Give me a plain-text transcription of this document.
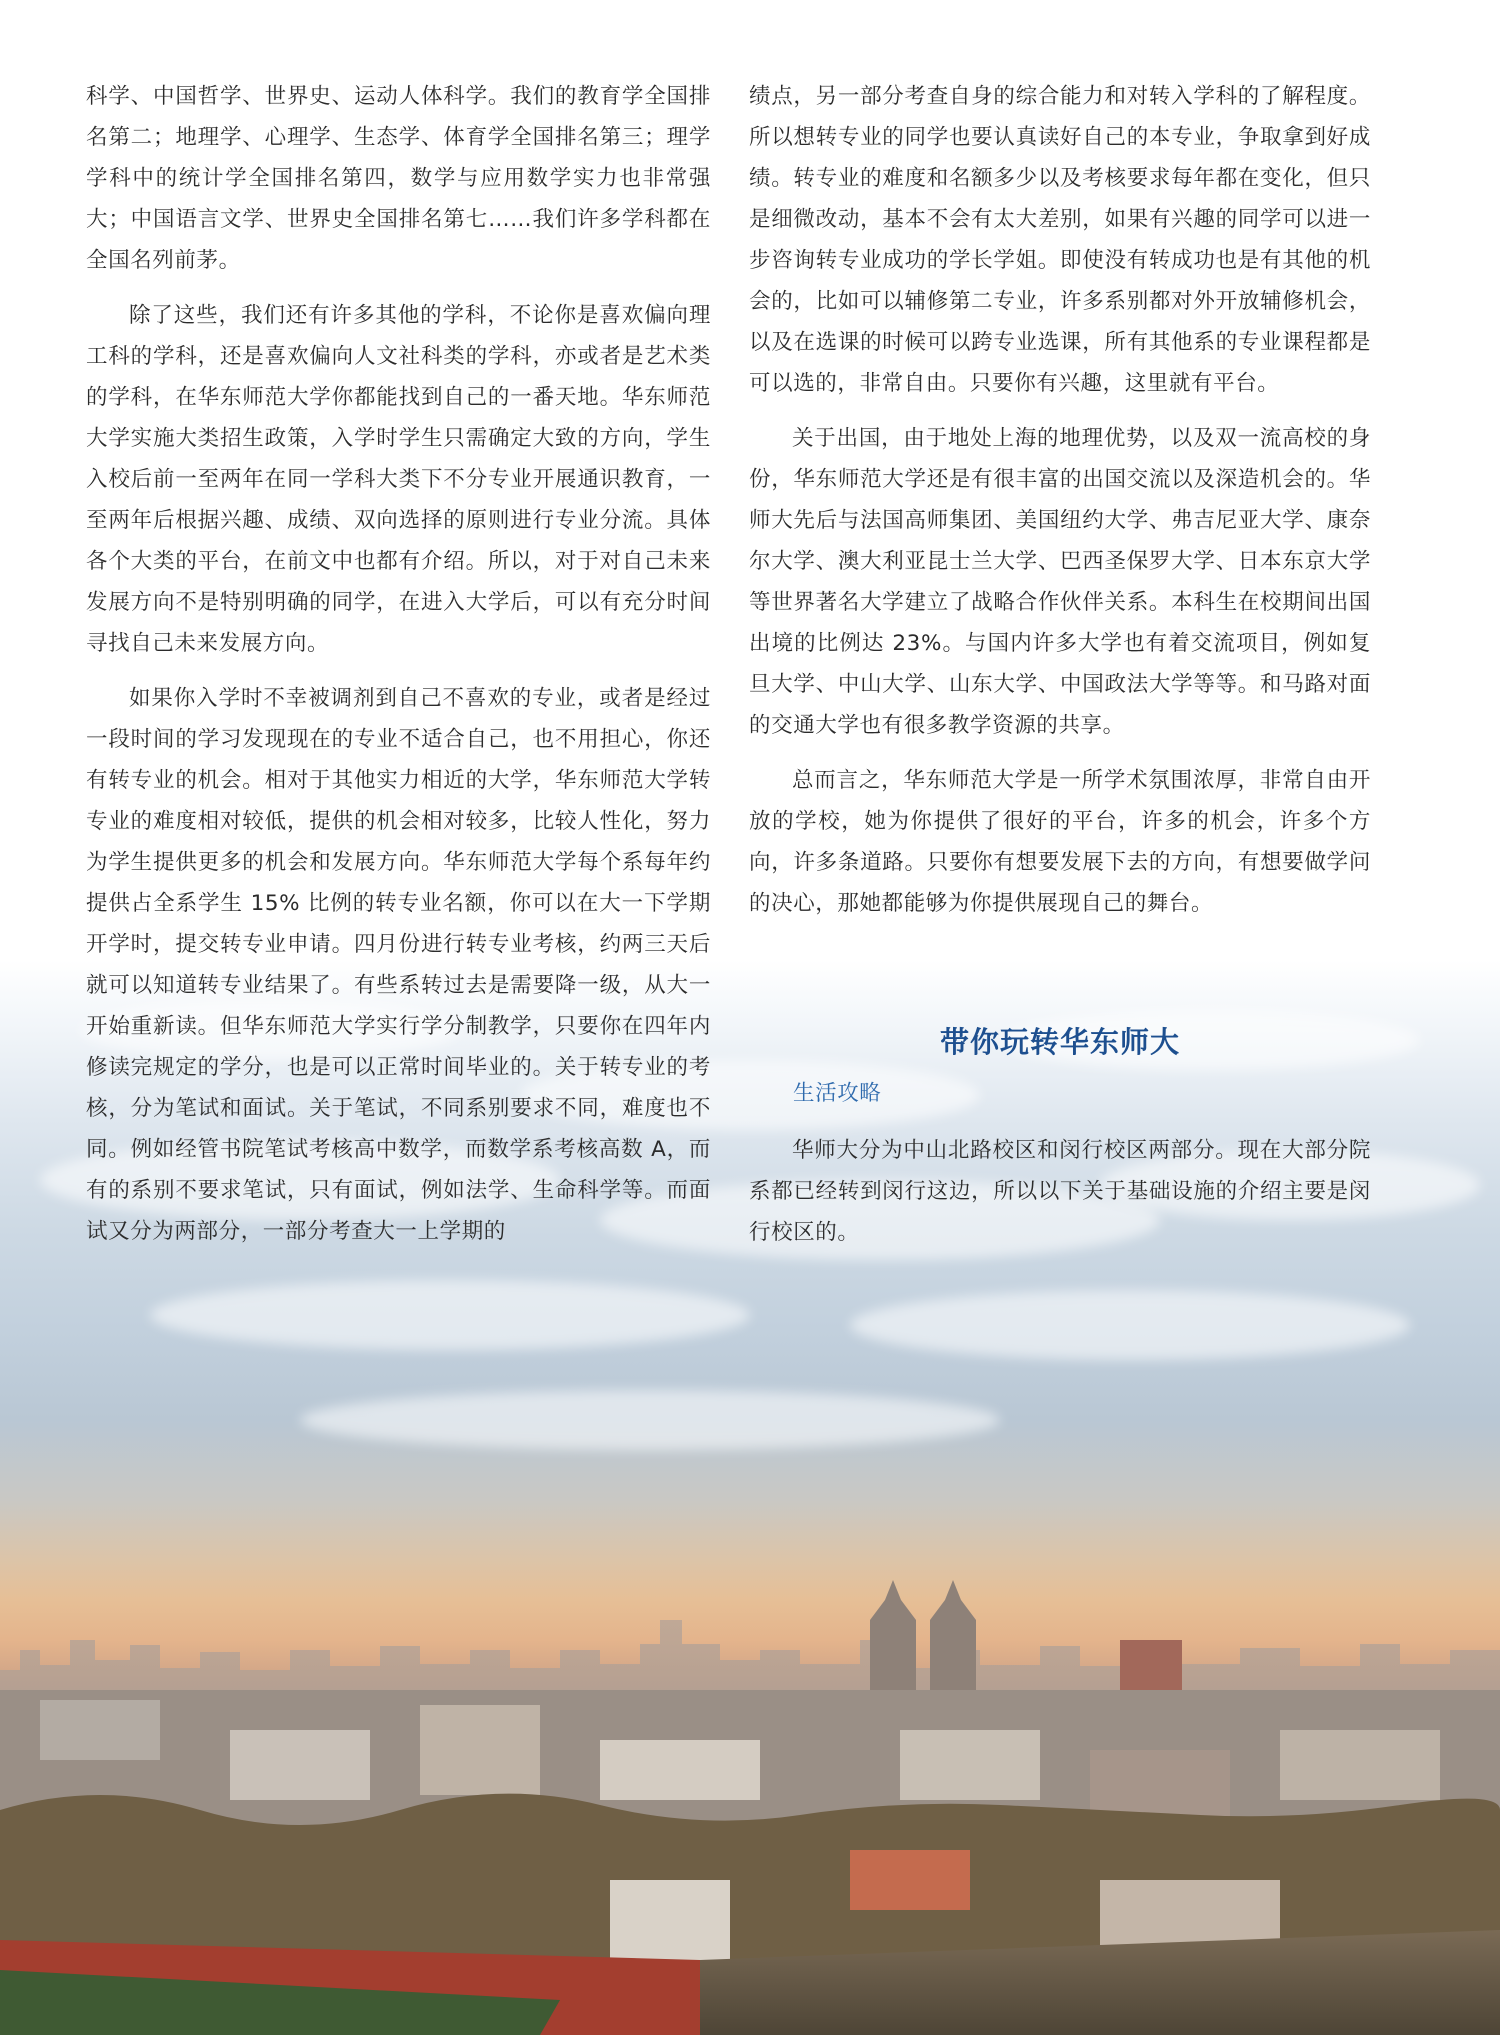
科学、中国哲学、世界史、运动人体科学。我们的教育学全国排名第二；地理学、心理学、生态学、体育学全国排名第三；理学学科中的统计学全国排名第四，数学与应用数学实力也非常强大；中国语言文学、世界史全国排名第七……我们许多学科都在全国名列前茅。

除了这些，我们还有许多其他的学科，不论你是喜欢偏向理工科的学科，还是喜欢偏向人文社科类的学科，亦或者是艺术类的学科，在华东师范大学你都能找到自己的一番天地。华东师范大学实施大类招生政策，入学时学生只需确定大致的方向，学生入校后前一至两年在同一学科大类下不分专业开展通识教育，一至两年后根据兴趣、成绩、双向选择的原则进行专业分流。具体各个大类的平台，在前文中也都有介绍。所以，对于对自己未来发展方向不是特别明确的同学，在进入大学后，可以有充分时间寻找自己未来发展方向。

如果你入学时不幸被调剂到自己不喜欢的专业，或者是经过一段时间的学习发现现在的专业不适合自己，也不用担心，你还有转专业的机会。相对于其他实力相近的大学，华东师范大学转专业的难度相对较低，提供的机会相对较多，比较人性化，努力为学生提供更多的机会和发展方向。华东师范大学每个系每年约提供占全系学生 15% 比例的转专业名额，你可以在大一下学期开学时，提交转专业申请。四月份进行转专业考核，约两三天后就可以知道转专业结果了。有些系转过去是需要降一级，从大一开始重新读。但华东师范大学实行学分制教学，只要你在四年内修读完规定的学分，也是可以正常时间毕业的。关于转专业的考核，分为笔试和面试。关于笔试，不同系别要求不同，难度也不同。例如经管书院笔试考核高中数学，而数学系考核高数 A，而有的系别不要求笔试，只有面试，例如法学、生命科学等。而面试又分为两部分，一部分考查大一上学期的

绩点，另一部分考查自身的综合能力和对转入学科的了解程度。所以想转专业的同学也要认真读好自己的本专业，争取拿到好成绩。转专业的难度和名额多少以及考核要求每年都在变化，但只是细微改动，基本不会有太大差别，如果有兴趣的同学可以进一步咨询转专业成功的学长学姐。即使没有转成功也是有其他的机会的，比如可以辅修第二专业，许多系别都对外开放辅修机会，以及在选课的时候可以跨专业选课，所有其他系的专业课程都是可以选的，非常自由。只要你有兴趣，这里就有平台。

关于出国，由于地处上海的地理优势，以及双一流高校的身份，华东师范大学还是有很丰富的出国交流以及深造机会的。华师大先后与法国高师集团、美国纽约大学、弗吉尼亚大学、康奈尔大学、澳大利亚昆士兰大学、巴西圣保罗大学、日本东京大学等世界著名大学建立了战略合作伙伴关系。本科生在校期间出国出境的比例达 23%。与国内许多大学也有着交流项目，例如复旦大学、中山大学、山东大学、中国政法大学等等。和马路对面的交通大学也有很多教学资源的共享。

总而言之，华东师范大学是一所学术氛围浓厚，非常自由开放的学校，她为你提供了很好的平台，许多的机会，许多个方向，许多条道路。只要你有想要发展下去的方向，有想要做学问的决心，那她都能够为你提供展现自己的舞台。

带你玩转华东师大
生活攻略

华师大分为中山北路校区和闵行校区两部分。现在大部分院系都已经转到闵行这边，所以以下关于基础设施的介绍主要是闵行校区的。
